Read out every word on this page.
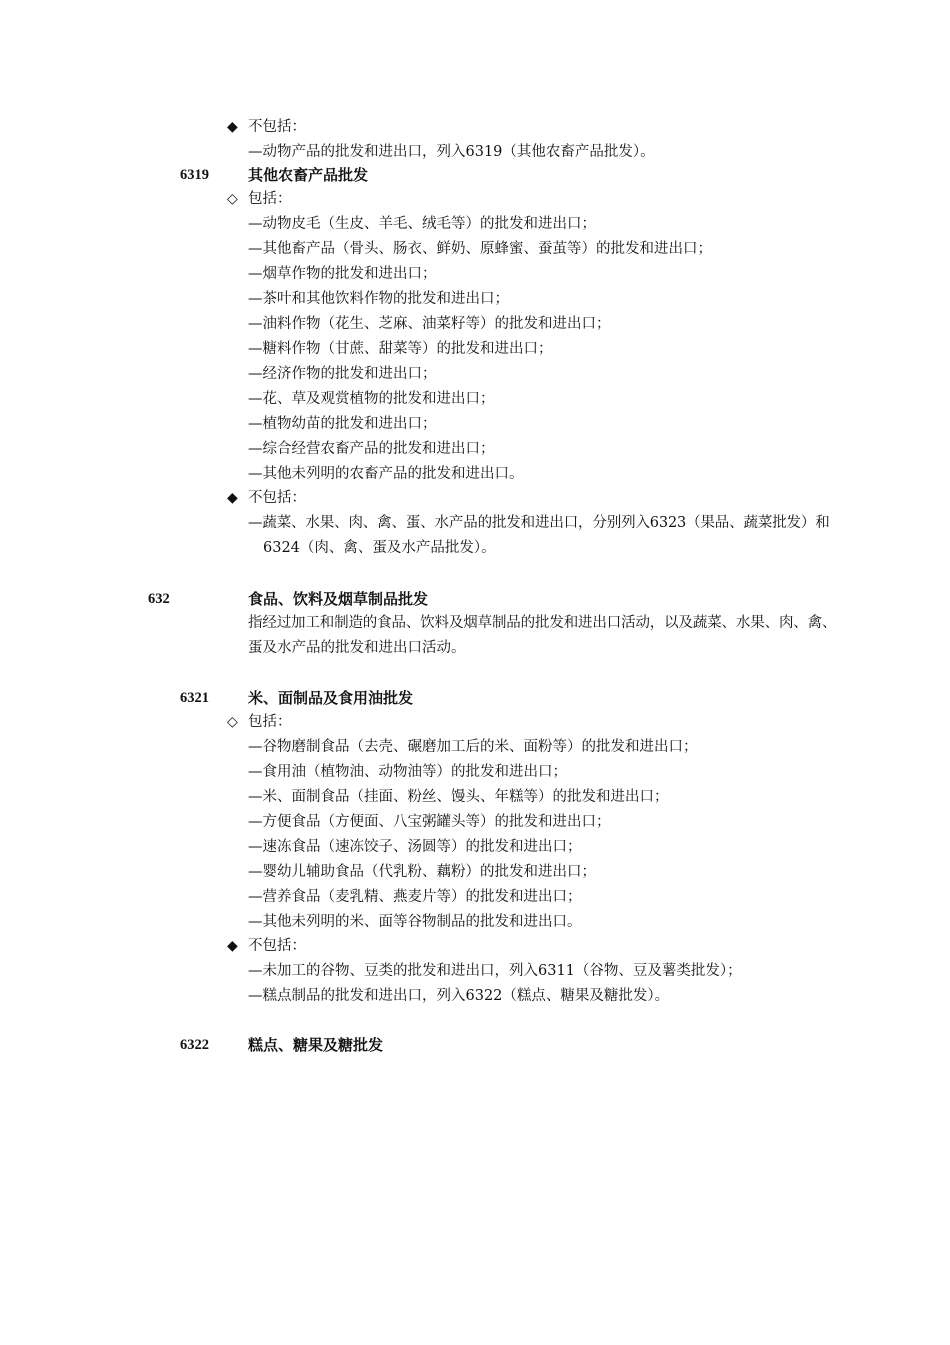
◆ 不包括：
—动物产品的批发和进出口，列入6319（其他农畜产品批发）。
6319	其他农畜产品批发
◇ 包括：
—动物皮毛（生皮、羊毛、绒毛等）的批发和进出口；
—其他畜产品（骨头、肠衣、鲜奶、原蜂蜜、蚕茧等）的批发和进出口；
—烟草作物的批发和进出口；
—茶叶和其他饮料作物的批发和进出口；
—油料作物（花生、芝麻、油菜籽等）的批发和进出口；
—糖料作物（甘蔗、甜菜等）的批发和进出口；
—经济作物的批发和进出口；
—花、草及观赏植物的批发和进出口；
—植物幼苗的批发和进出口；
—综合经营农畜产品的批发和进出口；
—其他未列明的农畜产品的批发和进出口。
◆ 不包括：
—蔬菜、水果、肉、禽、蛋、水产品的批发和进出口，分别列入6323（果品、蔬菜批发）和
6324（肉、禽、蛋及水产品批发）。
632	食品、饮料及烟草制品批发
指经过加工和制造的食品、饮料及烟草制品的批发和进出口活动，以及蔬菜、水果、肉、禽、
蛋及水产品的批发和进出口活动。
6321	米、面制品及食用油批发
◇ 包括：
—谷物磨制食品（去壳、碾磨加工后的米、面粉等）的批发和进出口；
—食用油（植物油、动物油等）的批发和进出口；
—米、面制食品（挂面、粉丝、馒头、年糕等）的批发和进出口；
—方便食品（方便面、八宝粥罐头等）的批发和进出口；
—速冻食品（速冻饺子、汤圆等）的批发和进出口；
—婴幼儿辅助食品（代乳粉、藕粉）的批发和进出口；
—营养食品（麦乳精、燕麦片等）的批发和进出口；
—其他未列明的米、面等谷物制品的批发和进出口。
◆ 不包括：
—未加工的谷物、豆类的批发和进出口，列入6311（谷物、豆及薯类批发）；
—糕点制品的批发和进出口，列入6322（糕点、糖果及糖批发）。
6322	糕点、糖果及糖批发
